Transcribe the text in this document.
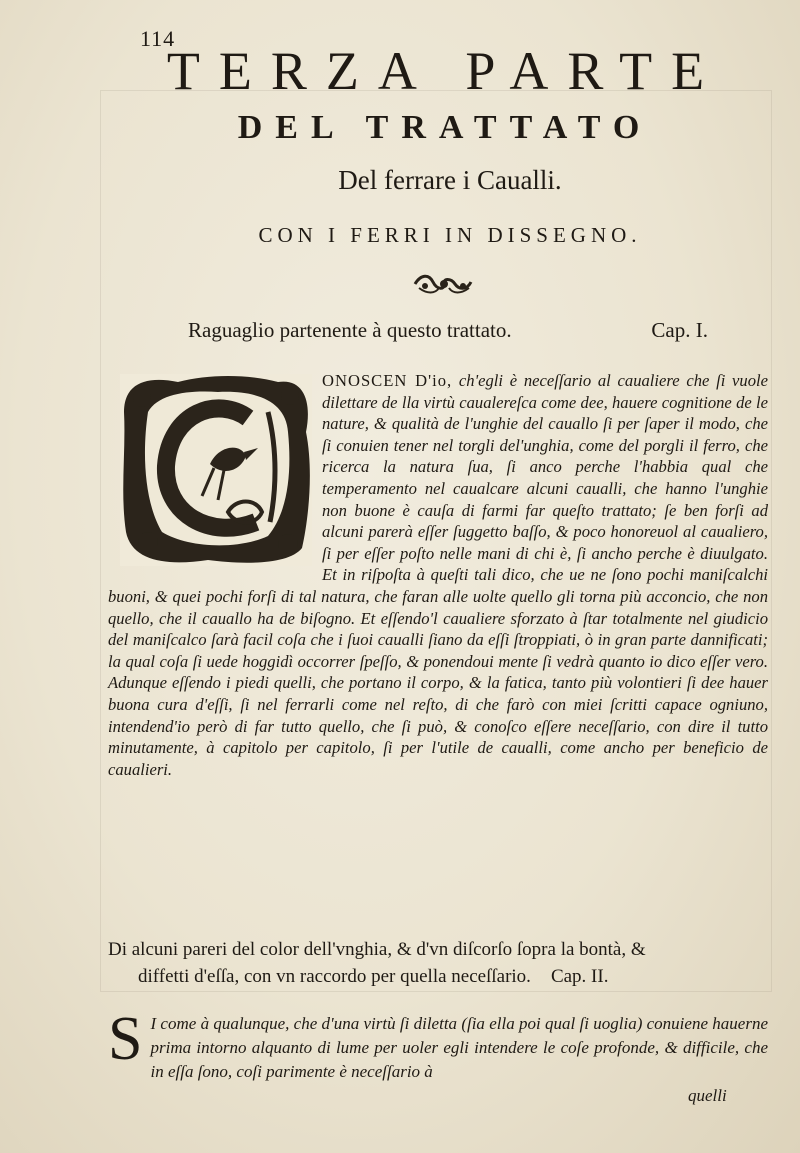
114
TERZA PARTE
DEL TRATTATO

Del ferrare i Caualli.

CON I FERRI IN DISSEGNO.

Raguaglio partenente à questo trattato.	Cap. I.

ONOSCEN D'io, ch'egli è neceſſario al caualiere che ſi vuole dilettare de lla virtù caualereſca come dee, hauere cognitione de le nature, & qualità de l'unghie del cauallo ſi per ſaper il modo, che ſi conuien tener nel torgli del'unghia, come del porgli il ferro, che ricerca la natura ſua, ſi anco perche l'habbia qual che temperamento nel caualcare alcuni caualli, che hanno l'unghie non buone è cauſa di farmi far queſto trattato; ſe ben forſi ad alcuni parerà eſſer ſuggetto baſſo, & poco honoreuol al caualiero, ſi per eſſer poſto nelle mani di chi è, ſi ancho perche è diuulgato. Et in riſpoſta à queſti tali dico, che ue ne ſono pochi maniſcalchi buoni, & quei pochi forſi di tal natura, che faran alle uolte quello gli torna più acconcio, che non quello, che il cauallo ha de biſogno. Et eſſendo'l caualiere sforzato à ſtar totalmente nel giudicio del maniſcalco ſarà facil coſa che i ſuoi caualli ſiano da eſſi ſtroppiati, ò in gran parte dannificati; la qual coſa ſi uede hoggidì occorrer ſpeſſo, & ponendoui mente ſi vedrà quanto io dico eſſer vero. Adunque eſſendo i piedi quelli, che portano il corpo, & la fatica, tanto più volontieri ſi dee hauer buona cura d'eſſi, ſi nel ferrarli come nel reſto, di che farò con miei ſcritti capace ogniuno, intendend'io però di far tutto quello, che ſi può, & conoſco eſſere neceſſario, con dire il tutto minutamente, à capitolo per capitolo, ſi per l'utile de caualli, come ancho per beneficio de caualieri.

Di alcuni pareri del color dell'vnghia, & d'vn diſcorſo ſopra la bontà, &
diffetti d'eſſa, con vn raccordo per quella neceſſario. Cap. II.

S I come à qualunque, che d'una virtù ſi diletta (ſia ella poi qual ſi uoglia) conuiene hauerne prima intorno alquanto di lume per uoler egli intendere le coſe profonde, & difficile, che in eſſa ſono, coſi parimente è neceſſario à

quelli
